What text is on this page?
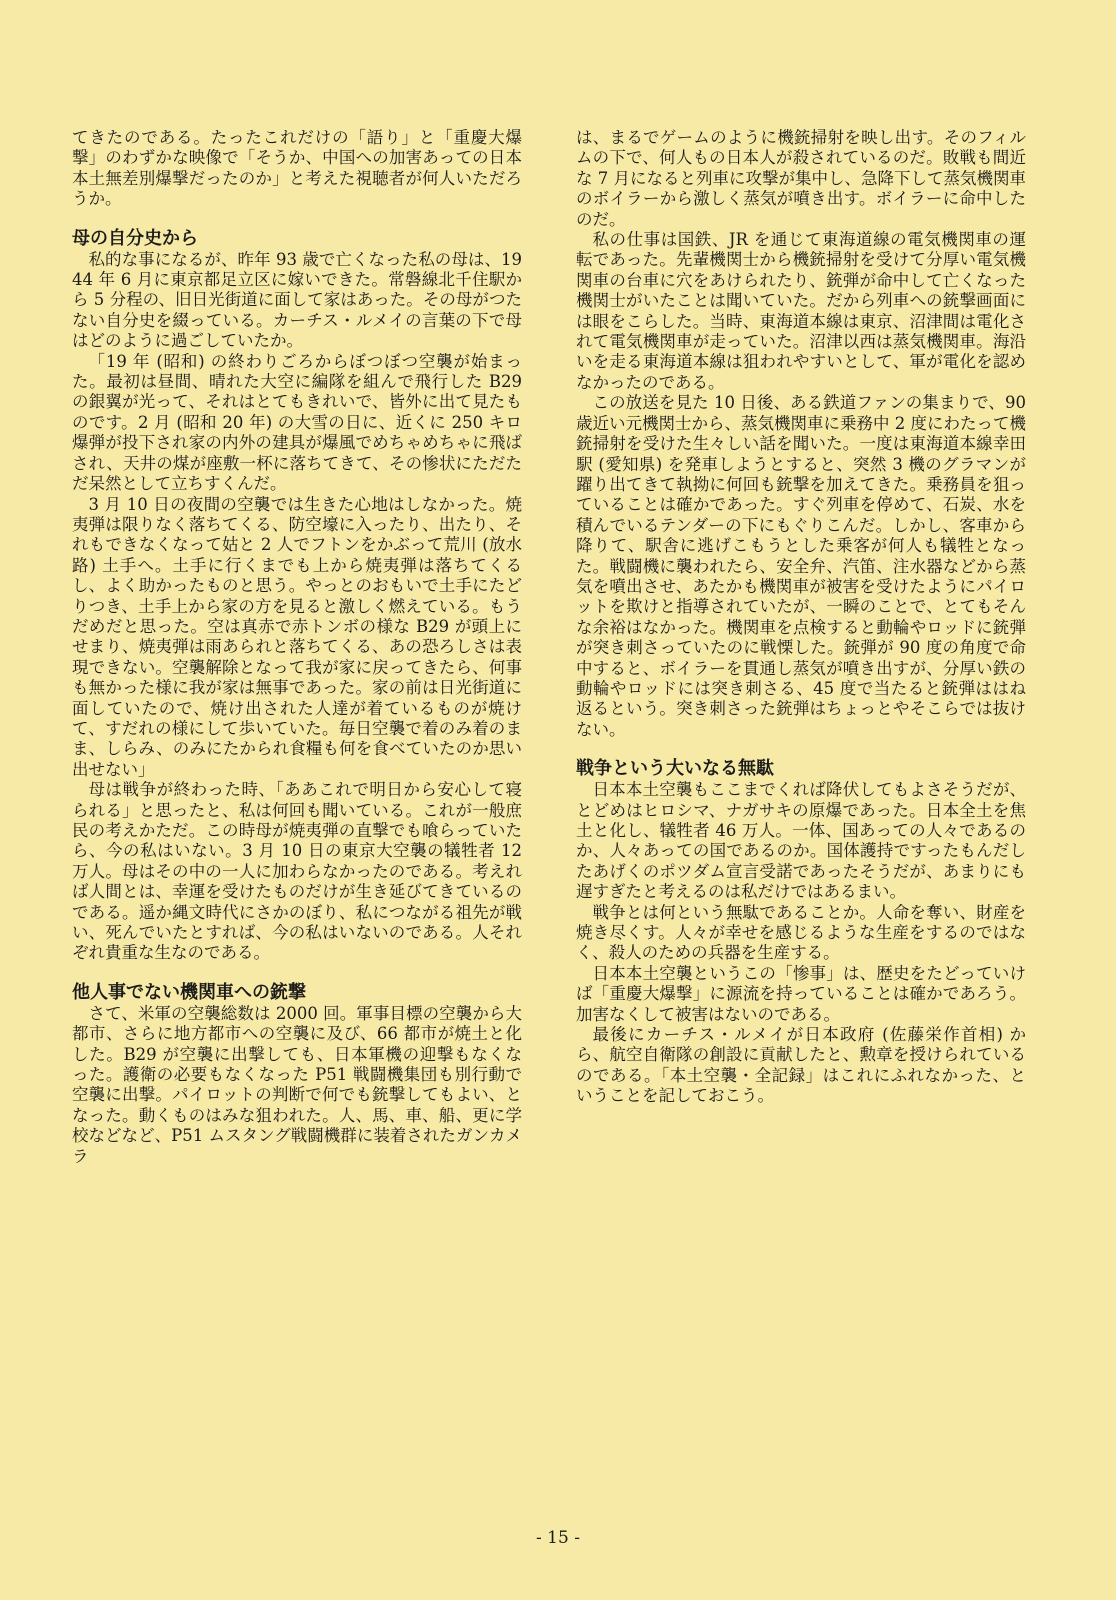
てきたのである。たったこれだけの「語り」と「重慶大爆撃」のわずかな映像で「そうか、中国への加害あっての日本本土無差別爆撃だったのか」と考えた視聴者が何人いただろうか。

母の自分史から

私的な事になるが、昨年 93 歳で亡くなった私の母は、1944 年 6 月に東京都足立区に嫁いできた。常磐線北千住駅から 5 分程の、旧日光街道に面して家はあった。その母がつたない自分史を綴っている。カーチス・ルメイの言葉の下で母はどのように過ごしていたか。

「19 年 (昭和) の終わりごろからぼつぼつ空襲が始まった。最初は昼間、晴れた大空に編隊を組んで飛行した B29 の銀翼が光って、それはとてもきれいで、皆外に出て見たものです。2 月 (昭和 20 年) の大雪の日に、近くに 250 キロ爆弾が投下され家の内外の建具が爆風でめちゃめちゃに飛ばされ、天井の煤が座敷一杯に落ちてきて、その惨状にただただ呆然として立ちすくんだ。

3 月 10 日の夜間の空襲では生きた心地はしなかった。焼夷弾は限りなく落ちてくる、防空壕に入ったり、出たり、それもできなくなって姑と 2 人でフトンをかぶって荒川 (放水路) 土手へ。土手に行くまでも上から焼夷弾は落ちてくるし、よく助かったものと思う。やっとのおもいで土手にたどりつき、土手上から家の方を見ると激しく燃えている。もうだめだと思った。空は真赤で赤トンボの様な B29 が頭上にせまり、焼夷弾は雨あられと落ちてくる、あの恐ろしさは表現できない。空襲解除となって我が家に戻ってきたら、何事も無かった様に我が家は無事であった。家の前は日光街道に面していたので、焼け出された人達が着ているものが焼けて、すだれの様にして歩いていた。毎日空襲で着のみ着のまま、しらみ、のみにたかられ食糧も何を食べていたのか思い出せない」

母は戦争が終わった時、「ああこれで明日から安心して寝られる」と思ったと、私は何回も聞いている。これが一般庶民の考えかただ。この時母が焼夷弾の直撃でも喰らっていたら、今の私はいない。3 月 10 日の東京大空襲の犠牲者 12 万人。母はその中の一人に加わらなかったのである。考えれば人間とは、幸運を受けたものだけが生き延びてきているのである。遥か縄文時代にさかのぼり、私につながる祖先が戦い、死んでいたとすれば、今の私はいないのである。人それぞれ貴重な生なのである。

他人事でない機関車への銃撃

さて、米軍の空襲総数は 2000 回。軍事目標の空襲から大都市、さらに地方都市への空襲に及び、66 都市が焼土と化した。B29 が空襲に出撃しても、日本軍機の迎撃もなくなった。護衛の必要もなくなった P51 戦闘機集団も別行動で空襲に出撃。パイロットの判断で何でも銃撃してもよい、となった。動くものはみな狙われた。人、馬、車、船、更に学校などなど、P51 ムスタング戦闘機群に装着されたガンカメラ

は、まるでゲームのように機銃掃射を映し出す。そのフィルムの下で、何人もの日本人が殺されているのだ。敗戦も間近な 7 月になると列車に攻撃が集中し、急降下して蒸気機関車のボイラーから激しく蒸気が噴き出す。ボイラーに命中したのだ。

私の仕事は国鉄、JR を通じて東海道線の電気機関車の運転であった。先輩機関士から機銃掃射を受けて分厚い電気機関車の台車に穴をあけられたり、銃弾が命中して亡くなった機関士がいたことは聞いていた。だから列車への銃撃画面には眼をこらした。当時、東海道本線は東京、沼津間は電化されて電気機関車が走っていた。沼津以西は蒸気機関車。海沿いを走る東海道本線は狙われやすいとして、軍が電化を認めなかったのである。

この放送を見た 10 日後、ある鉄道ファンの集まりで、90 歳近い元機関士から、蒸気機関車に乗務中 2 度にわたって機銃掃射を受けた生々しい話を聞いた。一度は東海道本線幸田駅 (愛知県) を発車しようとすると、突然 3 機のグラマンが躍り出てきて執拗に何回も銃撃を加えてきた。乗務員を狙っていることは確かであった。すぐ列車を停めて、石炭、水を積んでいるテンダーの下にもぐりこんだ。しかし、客車から降りて、駅舎に逃げこもうとした乗客が何人も犠牲となった。戦闘機に襲われたら、安全弁、汽笛、注水器などから蒸気を噴出させ、あたかも機関車が被害を受けたようにパイロットを欺けと指導されていたが、一瞬のことで、とてもそんな余裕はなかった。機関車を点検すると動輪やロッドに銃弾が突き刺さっていたのに戦慄した。銃弾が 90 度の角度で命中すると、ボイラーを貫通し蒸気が噴き出すが、分厚い鉄の動輪やロッドには突き刺さる、45 度で当たると銃弾ははね返るという。突き刺さった銃弾はちょっとやそこらでは抜けない。

戦争という大いなる無駄

日本本土空襲もここまでくれば降伏してもよさそうだが、とどめはヒロシマ、ナガサキの原爆であった。日本全土を焦土と化し、犠牲者 46 万人。一体、国あっての人々であるのか、人々あっての国であるのか。国体護持ですったもんだしたあげくのポツダム宣言受諾であったそうだが、あまりにも遅すぎたと考えるのは私だけではあるまい。

戦争とは何という無駄であることか。人命を奪い、財産を焼き尽くす。人々が幸せを感じるような生産をするのではなく、殺人のための兵器を生産する。

日本本土空襲というこの「惨事」は、歴史をたどっていけば「重慶大爆撃」に源流を持っていることは確かであろう。加害なくして被害はないのである。

最後にカーチス・ルメイが日本政府 (佐藤栄作首相) から、航空自衛隊の創設に貢献したと、勲章を授けられているのである。「本土空襲・全記録」はこれにふれなかった、ということを記しておこう。

- 15 -
